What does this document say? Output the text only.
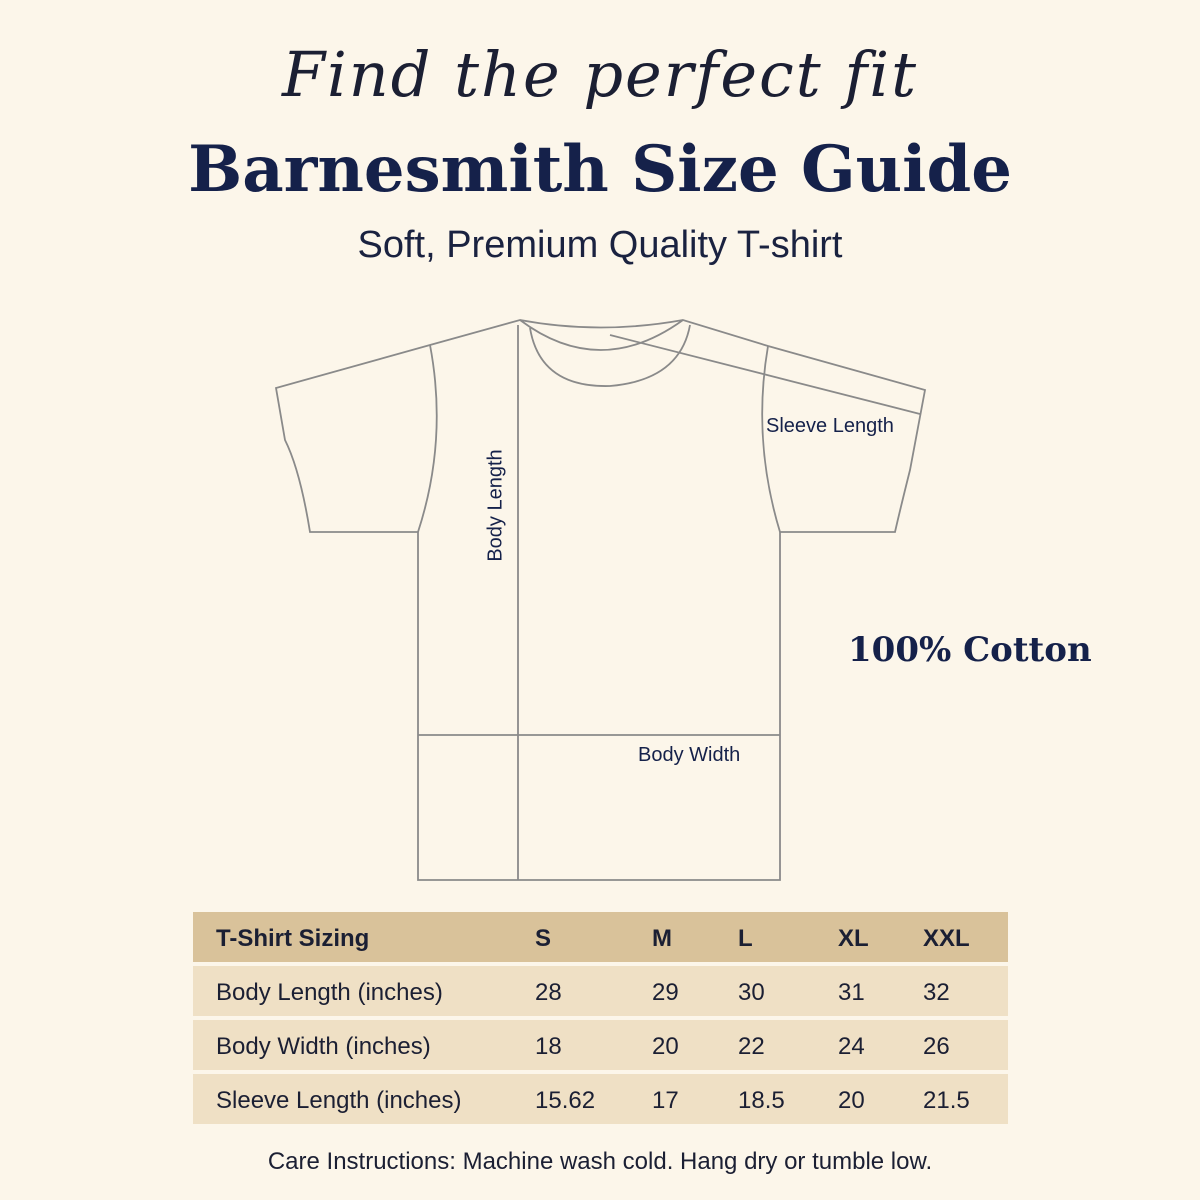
Find the perfect fit
Barnesmith Size Guide
Soft, Premium Quality T-shirt
Body Length
Sleeve Length
Body Width
100% Cotton
T-Shirt Sizing	S	M	L	XL XXL
Body Length (inches)	28	29 30	31 32
Body Width (inches)	18	20 22	24 26
Sleeve Length (inches)	15.62 17 18.5 20 21.5
Care Instructions: Machine wash cold. Hang dry or tumble low.
